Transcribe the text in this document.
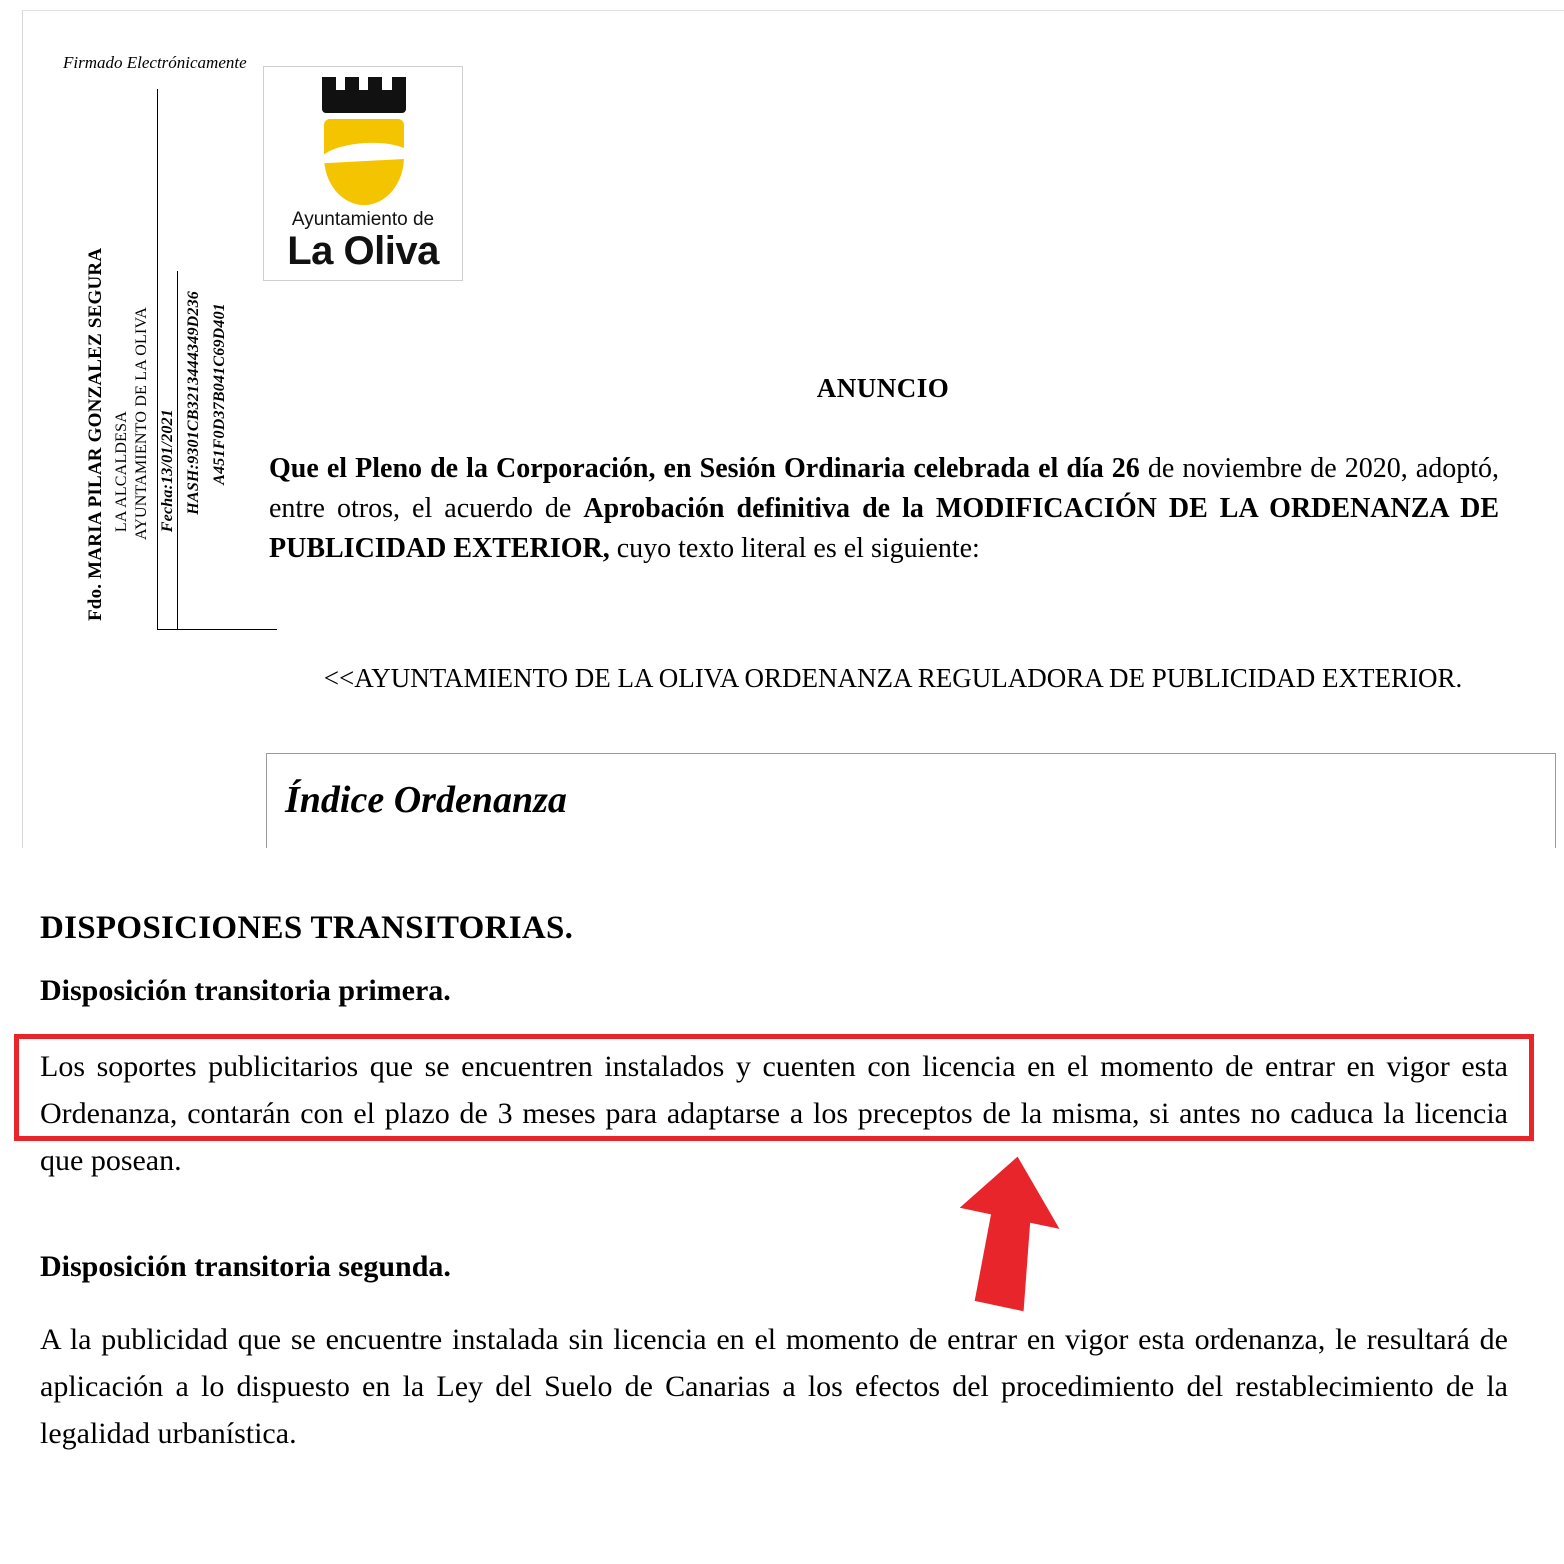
Firmado Electrónicamente
Fdo. MARIA PILAR GONZALEZ SEGURA LA ALCALDESA AYUNTAMIENTO DE LA OLIVA Fecha:13/01/2021 HASH:9301CB3213444349D236 A451F0D37B041C69D401
Ayuntamiento de
La Oliva
ANUNCIO
Que el Pleno de la Corporación, en Sesión Ordinaria celebrada el día 26 de noviembre de 2020, adoptó, entre otros, el acuerdo de Aprobación definitiva de la MODIFICACIÓN DE LA ORDENANZA DE PUBLICIDAD EXTERIOR, cuyo texto literal es el siguiente:
<<AYUNTAMIENTO DE LA OLIVA ORDENANZA REGULADORA DE PUBLICIDAD EXTERIOR.
Índice Ordenanza
DISPOSICIONES TRANSITORIAS.
Disposición transitoria primera.
Los soportes publicitarios que se encuentren instalados y cuenten con licencia en el momento de entrar en vigor esta Ordenanza, contarán con el plazo de 3 meses para adaptarse a los preceptos de la misma, si antes no caduca la licencia que posean.
Disposición transitoria segunda.
A la publicidad que se encuentre instalada sin licencia en el momento de entrar en vigor esta ordenanza, le resultará de aplicación a lo dispuesto en la Ley del Suelo de Canarias a los efectos del procedimiento del restablecimiento de la legalidad urbanística.
